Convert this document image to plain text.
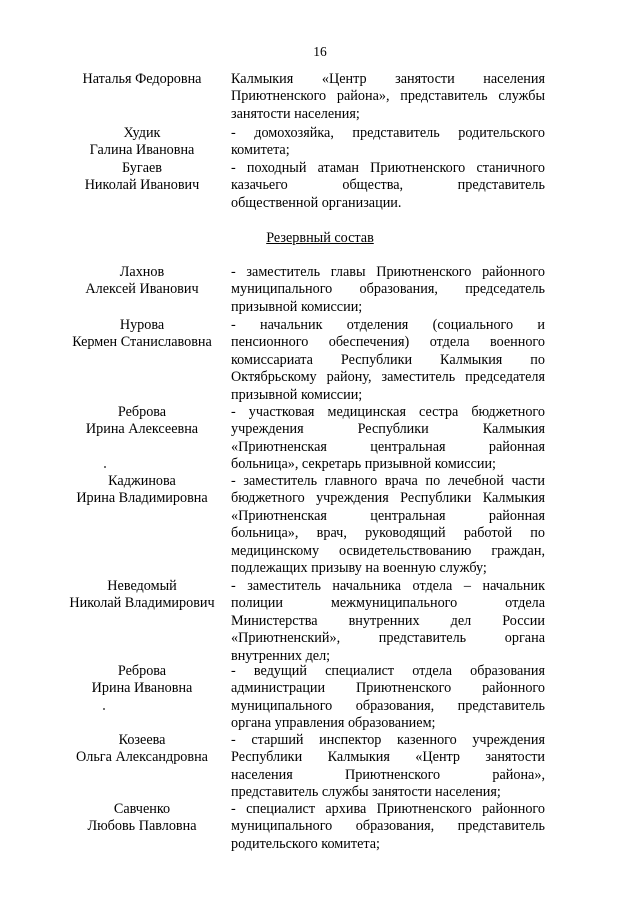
16
Наталья Федоровна	Калмыкия «Центр занятости населения
Приютненского района», представитель службы
занятости населения;
Худик
Галина Ивановна
- домохозяйка, представитель родительского
комитета;
Бугаев
Николай Иванович
- походный атаман Приютненского станичного
казачьего общества, представитель
общественной организации.
Резервный состав
Лахнов
Алексей Иванович
- заместитель главы Приютненского районного
муниципального образования, председатель
призывной комиссии;
Нурова
Кермен Станиславовна
- начальник отделения (социального и
пенсионного обеспечения) отдела военного
комиссариата Республики Калмыкия по
Октябрьскому району, заместитель председателя
призывной комиссии;
Реброва
Ирина Алексеевна
- участковая медицинская сестра бюджетного
учреждения Республики Калмыкия
«Приютненская центральная районная
больница», секретарь призывной комиссии;
Каджинова
Ирина Владимировна
- заместитель главного врача по лечебной части
бюджетного учреждения Республики Калмыкия
«Приютненская центральная районная
больница», врач, руководящий работой по
медицинскому освидетельствованию граждан,
подлежащих призыву на военную службу;
Неведомый
Николай Владимирович
- заместитель начальника отдела – начальник
полиции межмуниципального отдела
Министерства внутренних дел России
«Приютненский», представитель органа
внутренних дел;
Реброва
Ирина Ивановна
- ведущий специалист отдела образования
администрации Приютненского районного
муниципального образования, представитель
органа управления образованием;
Козеева
Ольга Александровна
- старший инспектор казенного учреждения
Республики Калмыкия «Центр занятости
населения Приютненского района»,
представитель службы занятости населения;
Савченко
Любовь Павловна
- специалист архива Приютненского районного
муниципального образования, представитель
родительского комитета;
